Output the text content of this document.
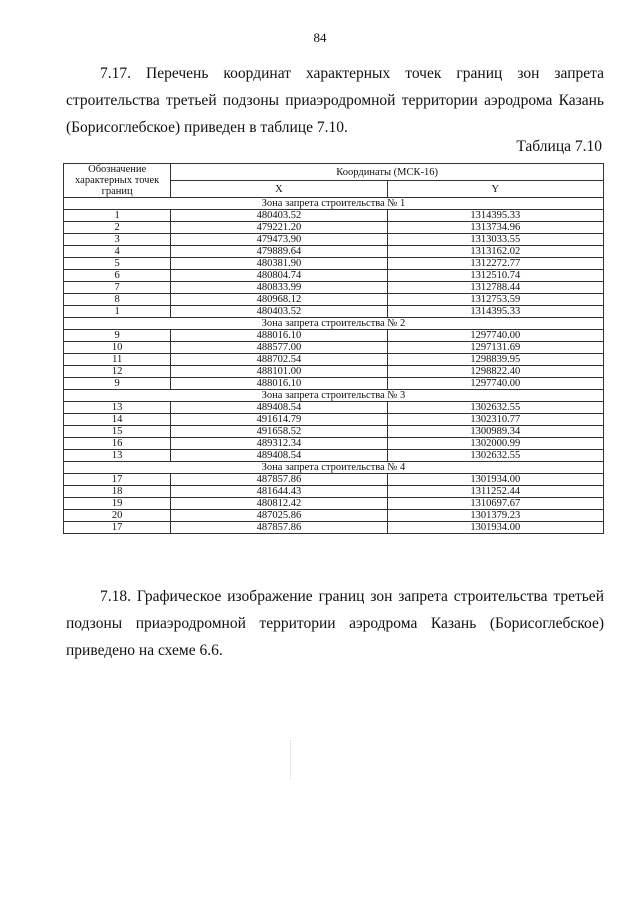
84
7.17. Перечень координат характерных точек границ зон запрета строительства третьей подзоны приаэродромной территории аэродрома Казань (Борисоглебское) приведен в таблице 7.10.
Таблица 7.10
Обозначение характерных точек границ	Координаты (МСК-16)	
	X	Y
Зона запрета строительства № 1		
1	480403.52	1314395.33
2	479221.20	1313734.96
3	479473.90	1313033.55
4	479889.64	1313162.02
5	480381.90	1312272.77
6	480804.74	1312510.74
7	480833.99	1312788.44
8	480968.12	1312753.59
1	480403.52	1314395.33
Зона запрета строительства № 2		
9	488016.10	1297740.00
10	488577.00	1297131.69
11	488702.54	1298839.95
12	488101.00	1298822.40
9	488016.10	1297740.00
Зона запрета строительства № 3		
13	489408.54	1302632.55
14	491614.79	1302310.77
15	491658.52	1300989.34
16	489312.34	1302000.99
13	489408.54	1302632.55
Зона запрета строительства № 4		
17	487857.86	1301934.00
18	481644.43	1311252.44
19	480812.42	1310697.67
20	487025.86	1301379.23
17	487857.86	1301934.00
7.18. Графическое изображение границ зон запрета строительства третьей подзоны приаэродромной территории аэродрома Казань (Борисоглебское) приведено на схеме 6.6.
